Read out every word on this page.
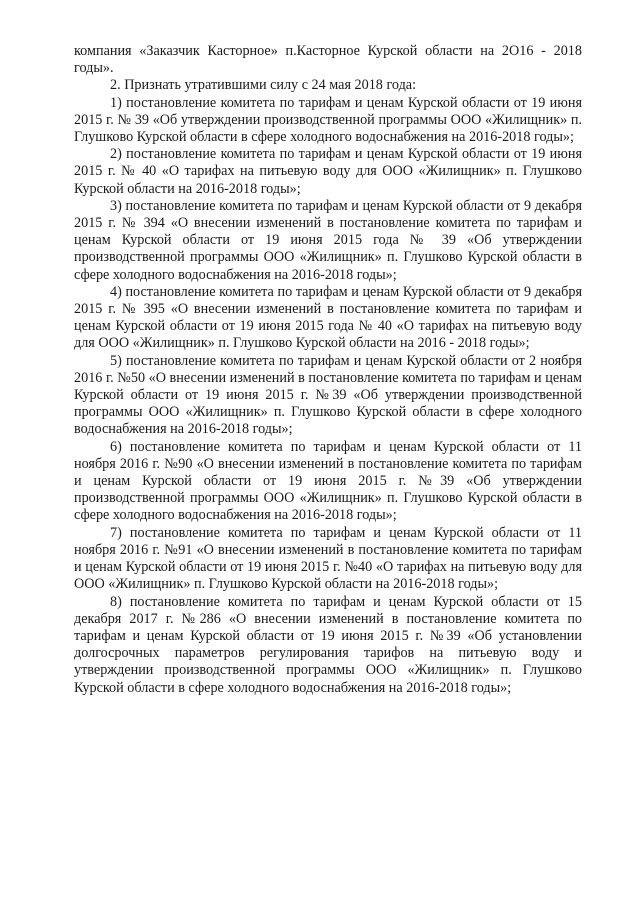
компания «Заказчик Касторное» п.Касторное Курской области на 2О16 - 2018 годы».

2. Признать утратившими силу с 24 мая 2018 года:

1) постановление комитета по тарифам и ценам Курской области от 19 июня 2015 г. № 39 «Об утверждении производственной программы ООО «Жилищник» п. Глушково Курской области в сфере холодного водоснабжения на 2016-2018 годы»;

2) постановление комитета по тарифам и ценам Курской области от 19 июня 2015 г. № 40 «О тарифах на питьевую воду для ООО «Жилищник» п. Глушково Курской области на 2016-2018 годы»;

3) постановление комитета по тарифам и ценам Курской области от 9 декабря 2015 г. № 394 «О внесении изменений в постановление комитета по тарифам и ценам Курской области от 19 июня 2015 года № 39 «Об утверждении производственной программы ООО «Жилищник» п. Глушково Курской области в сфере холодного водоснабжения на 2016-2018 годы»;

4) постановление комитета по тарифам и ценам Курской области от 9 декабря 2015 г. № 395 «О внесении изменений в постановление комитета по тарифам и ценам Курской области от 19 июня 2015 года № 40 «О тарифах на питьевую воду для ООО «Жилищник» п. Глушково Курской области на 2016 - 2018 годы»;

5) постановление комитета по тарифам и ценам Курской области от 2 ноября 2016 г. №50 «О внесении изменений в постановление комитета по тарифам и ценам Курской области от 19 июня 2015 г. №39 «Об утверждении производственной программы ООО «Жилищник» п. Глушково Курской области в сфере холодного водоснабжения на 2016-2018 годы»;

6) постановление комитета по тарифам и ценам Курской области от 11 ноября 2016 г. №90 «О внесении изменений в постановление комитета по тарифам и ценам Курской области от 19 июня 2015 г. №39 «Об утверждении производственной программы ООО «Жилищник» п. Глушково Курской области в сфере холодного водоснабжения на 2016-2018 годы»;

7) постановление комитета по тарифам и ценам Курской области от 11 ноября 2016 г. №91 «О внесении изменений в постановление комитета по тарифам и ценам Курской области от 19 июня 2015 г. №40 «О тарифах на питьевую воду для ООО «Жилищник» п. Глушково Курской области на 2016-2018 годы»;

8) постановление комитета по тарифам и ценам Курской области от 15 декабря 2017 г. №286 «О внесении изменений в постановление комитета по тарифам и ценам Курской области от 19 июня 2015 г. №39 «Об установлении долгосрочных параметров регулирования тарифов на питьевую воду и утверждении производственной программы ООО «Жилищник» п. Глушково Курской области в сфере холодного водоснабжения на 2016-2018 годы»;
